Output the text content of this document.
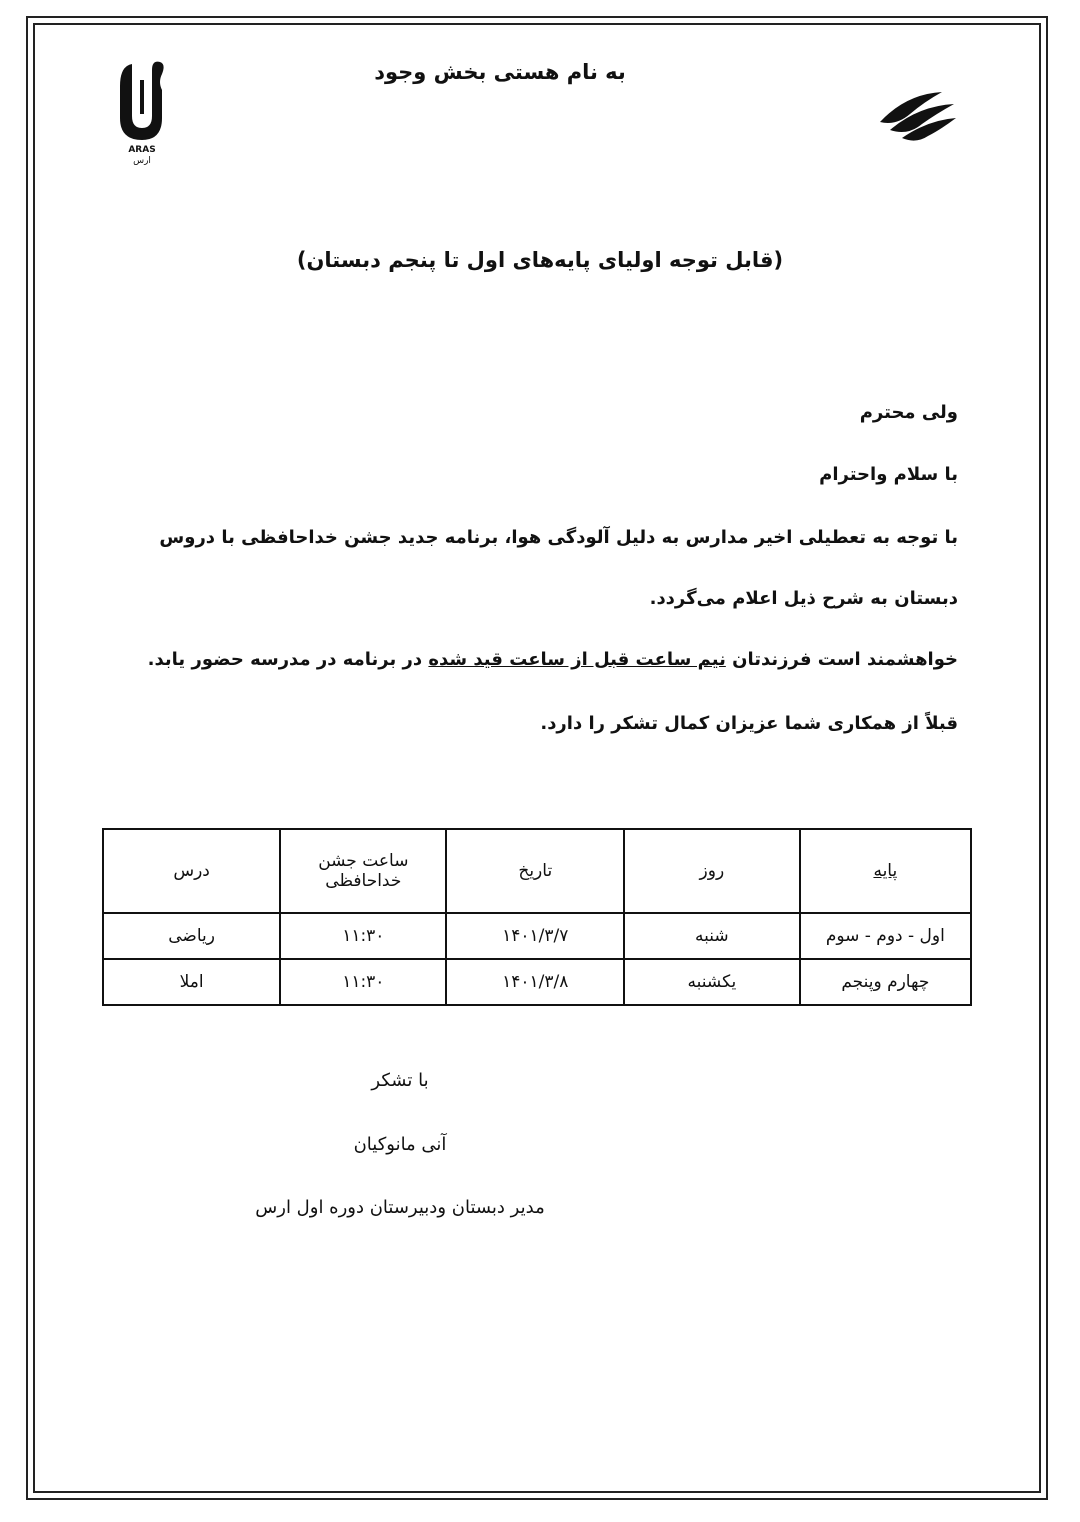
ARAS
ارس
به نام هستی بخش وجود
(قابل توجه اولیای پایه‌های اول تا پنجم دبستان)
ولی محترم
با سلام واحترام
با توجه به تعطیلی اخیر مدارس به دلیل آلودگی هوا، برنامه جدید جشن خداحافظی با دروس
دبستان به شرح ذیل اعلام می‌گردد.
خواهشمند است فرزندتان نیم ساعت قبل از ساعت قید شده در برنامه در مدرسه حضور یابد.
قبلاً از همکاری شما عزیزان کمال تشکر را دارد.
پایه	روز	تاریخ	ساعت جشن خداحافظی	درس
اول - دوم - سوم	شنبه	۱۴۰۱/۳/۷	۱۱:۳۰	ریاضی
چهارم وپنجم	یکشنبه	۱۴۰۱/۳/۸	۱۱:۳۰	املا
با تشکر
آنی مانوکیان
مدیر دبستان ودبیرستان دوره اول ارس
